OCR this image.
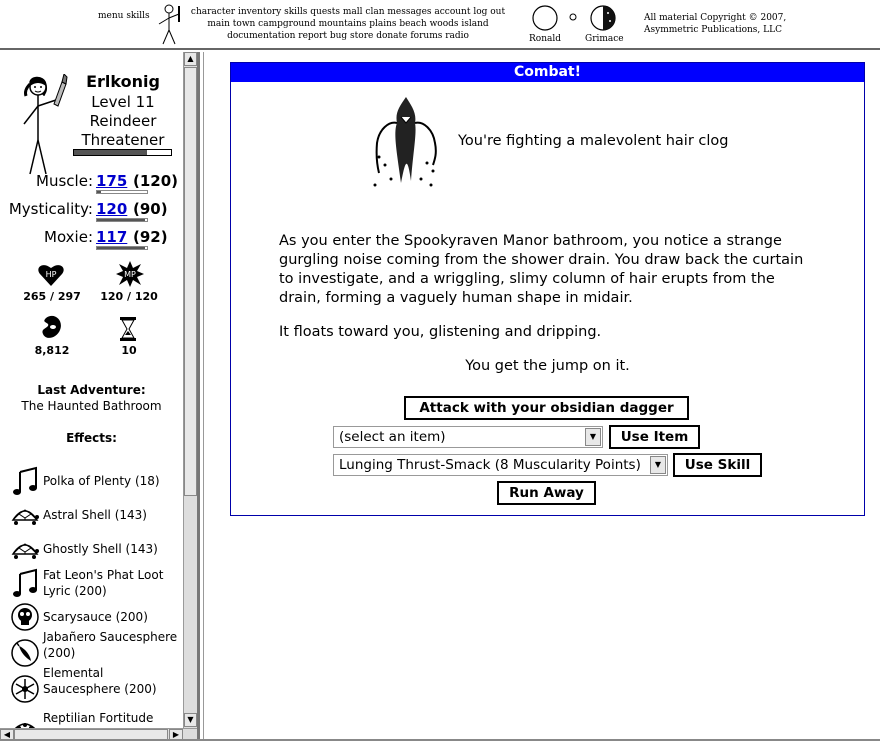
menu skills	character inventory skills quests mall clan messages account log out
main town campground mountains plains beach woods island
documentation report bug store donate forums radio	Ronald	Grimace
All material Copyright © 2007,
Asymmetric Publications, LLC
Erlkonig
Level 11
Reindeer
Threatener
Muscle: 175 (120)
Mysticality: 120 (90)
Moxie: 117 (92)
HP
265 / 297
MP
120 / 120
8,812	10
Last Adventure:
The Haunted Bathroom
Effects:
Polka of Plenty (18)
Astral Shell (143)
Ghostly Shell (143)
Fat Leon's Phat Loot Lyric (200)
Scarysauce (200)
Jabañero Saucesphere (200)
Elemental Saucesphere (200)
Reptilian Fortitude
▲
▼
◀	▶
Combat!
You're fighting a malevolent hair clog
As you enter the Spookyraven Manor bathroom, you notice a strange gurgling noise coming from the shower drain. You draw back the curtain to investigate, and a wriggling, slimy column of hair erupts from the drain, forming a vaguely human shape in midair.
It floats toward you, glistening and dripping.
You get the jump on it.
Attack with your obsidian dagger
(select an item)	▼	Use Item
Lunging Thrust-Smack (8 Muscularity Points)	▼	Use Skill
Run Away
